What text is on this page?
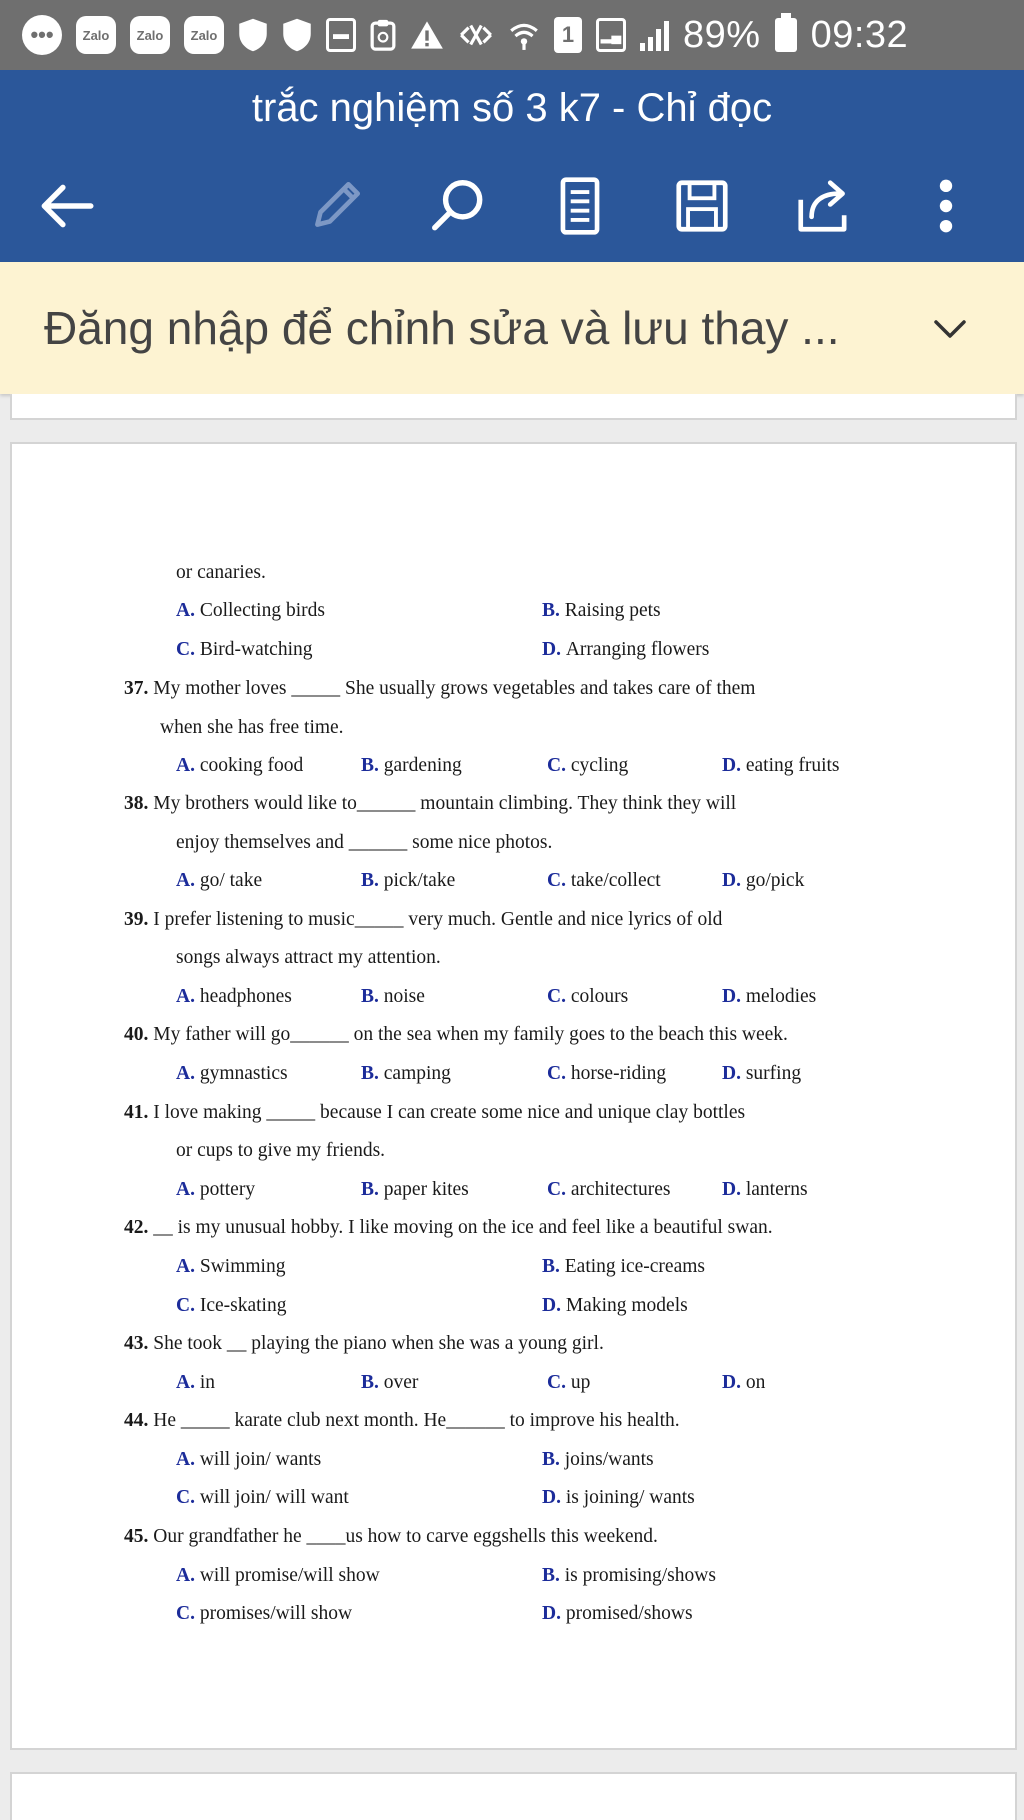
•••	Zalo	Zalo	Zalo	▬	1	▂▄ 89% 09:32
trắc nghiệm số 3 k7 - Chỉ đọc
Đăng nhập để chỉnh sửa và lưu thay ...
or canaries.
A. Collecting birds	B. Raising pets
C. Bird-watching	D. Arranging flowers
37. My mother loves _____ She usually grows vegetables and takes care of them
when she has free time.
A. cooking food	B. gardening	C. cycling	D. eating fruits
38. My brothers would like to______ mountain climbing. They think they will
enjoy themselves and ______ some nice photos.
A. go/ take	B. pick/take	C. take/collect	D. go/pick
39. I prefer listening to music_____ very much. Gentle and nice lyrics of old
songs always attract my attention.
A. headphones	B. noise	C. colours	D. melodies
40. My father will go______ on the sea when my family goes to the beach this week.
A. gymnastics	B. camping	C. horse-riding	D. surfing
41. I love making _____ because I can create some nice and unique clay bottles
or cups to give my friends.
A. pottery	B. paper kites	C. architectures	D. lanterns
42. __ is my unusual hobby. I like moving on the ice and feel like a beautiful swan.
A. Swimming	B. Eating ice-creams
C. Ice-skating	D. Making models
43. She took __ playing the piano when she was a young girl.
A. in	B. over	C. up	D. on
44. He _____ karate club next month. He______ to improve his health.
A. will join/ wants	B. joins/wants
C. will join/ will want	D. is joining/ wants
45. Our grandfather he ____us how to carve eggshells this weekend.
A. will promise/will show	B. is promising/shows
C. promises/will show	D. promised/shows
